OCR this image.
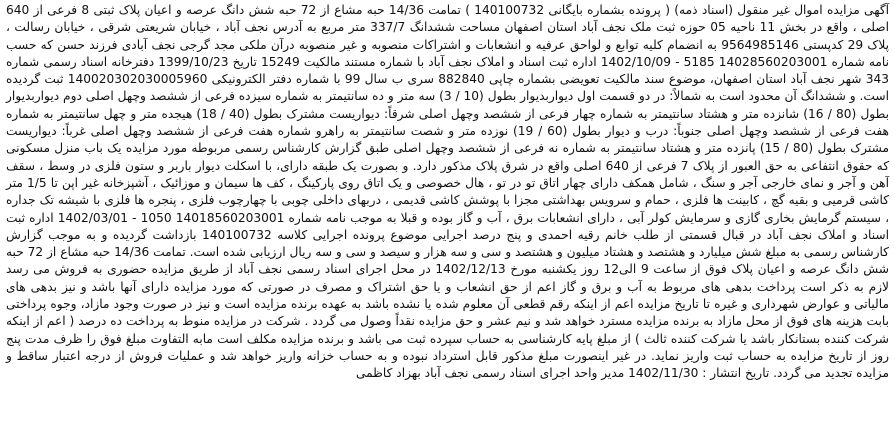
آگهی مزایده اموال غیر منقول (اسناد ذمه) ( پرونده بشماره بایگانی 140100732 ) تمامت 14/36 حبه مشاع از 72 حبه شش دانگ عرصه و اعیان پلاک ثبتی 8 فرعی از 640 اصلی ، واقع در بخش 11 ناحیه 05 حوزه ثبت ملک نجف آباد استان اصفهان مساحت ششدانگ 337/7 متر مربع به آدرس نجف آباد ، خیابان شریعتی شرقی ، خیابان رسالت ، پلاک 29 کدپستی 9564985146 به انضمام کلیه توابع و لواحق عرفیه و انشعابات و اشتراکات منصوبه و غیر منصوبه درآن ملکی مجد گرجی نجف آبادی فرزند حسن که حسب نامه شماره 14028560203001 5185 - 1402/10/09 اداره ثبت اسناد و املاک نجف آباد با شماره مستند مالکیت 15249 تاریخ 1399/10/23 دفترخانه اسناد رسمی شماره 343 شهر نجف آباد استان اصفهان، موضوع سند مالکیت تعویضی بشماره چاپی 882840 سری ب سال 99 با شماره دفتر الکترونیکی 140020302030005960 ثبت گردیده است. و ششدانگ آن محدود است به شمالاً: در دو قسمت اول دیواربدیوار بطول (10 / 3) سه متر و ده سانتیمتر به شماره سیزده فرعی از ششصد وچهل اصلی دوم دیواربدیوار بطول (80 / 16) شانزده متر و هشتاد سانتیمتر به شماره چهار فرعی از ششصد وچهل اصلی شرقاً: دیواریست مشترک بطول (40 / 18) هیجده متر و چهل سانتیمتر به شماره هفت فرعی از ششصد وچهل اصلی جنوباً: درب و دیوار بطول (60 / 19) نوزده متر و شصت سانتیمتر به راهرو شماره هفت فرعی از ششصد وچهل اصلی غرباً: دیواریست مشترک بطول (80 / 15) پانزده متر و هشتاد سانتیمتر به شماره نه فرعی از ششصد وچهل اصلی طبق گزارش کارشناس رسمی مربوطه مورد مزایده یک باب منزل مسکونی که حقوق انتفاعی به حق العبور از پلاک 7 فرعی از 640 اصلی واقع در شرق پلاک مذکور دارد. و بصورت یک طبقه دارای، با اسکلت دیوار باربر و ستون فلزی در وسط ، سقف آهن و آجر و نمای خارجی آجر و سنگ ، شامل همکف دارای چهار اتاق تو در تو ، هال خصوصی و یک اتاق روی پارکینگ ، کف ها سیمان و موزائیک ، آشپزخانه غیر اپن تا 1/5 متر کاشی قرمیی و بقیه گچ ، کابینت ها فلزی ، حمام و سرویس بهداشتی مجزا با پوشش کاشی قدیمی ، دربهای داخلی چوبی با چهارچوب فلزی ، پنجره ها فلزی با شیشه تک جداره ، سیستم گرمایش بخاری گازی و سرمایش کولر آبی ، دارای انشعابات برق ، آب و گاز بوده و قبلا به موجب نامه شماره 14018560203001 1050 - 1402/03/01 اداره ثبت اسناد و املاک نجف آباد در قبال قسمتی از طلب خانم رقیه احمدی و پنج درصد اجرایی موضوع پرونده اجرایی کلاسه 140100732 بازداشت گردیده و به موجب گزارش کارشناس رسمی به مبلغ شش میلیارد و هشتصد و هشتاد میلیون و هشتصد و سی و سه هزار و سیصد و سی و سه ریال ارزیابی شده است. تمامت 14/36 حبه مشاع از 72 حبه شش دانگ عرصه و اعیان پلاک فوق از ساعت 9 الی12 روز یکشنبه مورخ 1402/12/13 در محل اجرای اسناد رسمی نجف آباد از طریق مزایده حضوری به فروش می رسد لازم به ذکر است پرداخت بدهی های مربوط به آب و برق و گاز اعم از حق انشعاب و یا حق اشتراک و مصرف در صورتی که مورد مزایده دارای آنها باشد و نیز بدهی های مالیاتی و عوارض شهرداری و غیره تا تاریخ مزایده اعم از اینکه رقم قطعی آن معلوم شده یا نشده باشد به عهده برنده مزایده است و نیز در صورت وجود مازاد، وجوه پرداختی بابت هزینه های فوق از محل مازاد به برنده مزایده مسترد خواهد شد و نیم عشر و حق مزایده نقداً وصول می گردد . شرکت در مزایده منوط به پرداخت ده درصد ( اعم از اینکه شرکت کننده بستانکار باشد یا شرکت کننده ثالث ) از مبلغ پایه کارشناسی به حساب سپرده ثبت می باشد و برنده مزایده مکلف است مابه التفاوت مبلغ فوق را ظرف مدت پنج روز از تاریخ مزایده به حساب ثبت واریز نماید. در غیر اینصورت مبلغ مذکور قابل استرداد نبوده و به حساب خزانه واریز خواهد شد و عملیات فروش از درجه اعتبار ساقط و مزایده تجدید می گردد. تاریخ انتشار : 1402/11/30 مدیر واحد اجرای اسناد رسمی نجف آباد بهزاد کاظمی
